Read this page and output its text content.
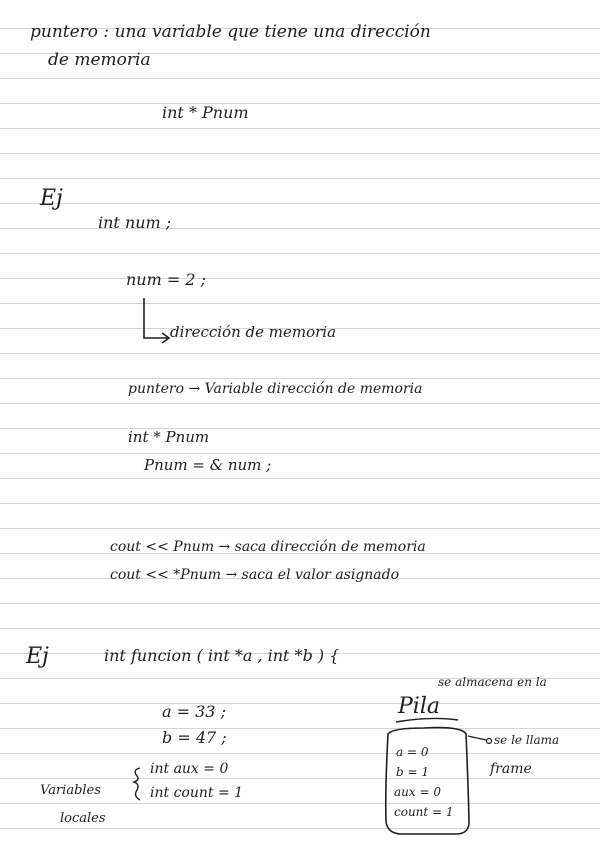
puntero : una variable que tiene una dirección
de memoria
int * Pnum
Ej
int num ;
num = 2 ;
dirección de memoria
puntero → Variable dirección de memoria
int * Pnum
Pnum = & num ;
cout << Pnum → saca dirección de memoria
cout << *Pnum → saca el valor asignado
Ej	int funcion ( int *a , int *b ) {
se almacena en la
a = 33 ;
b = 47 ;
Pila
se le llama
frame
int aux = 0
int count = 1
Variables
locales
a = 0
b = 1
aux = 0
count = 1
